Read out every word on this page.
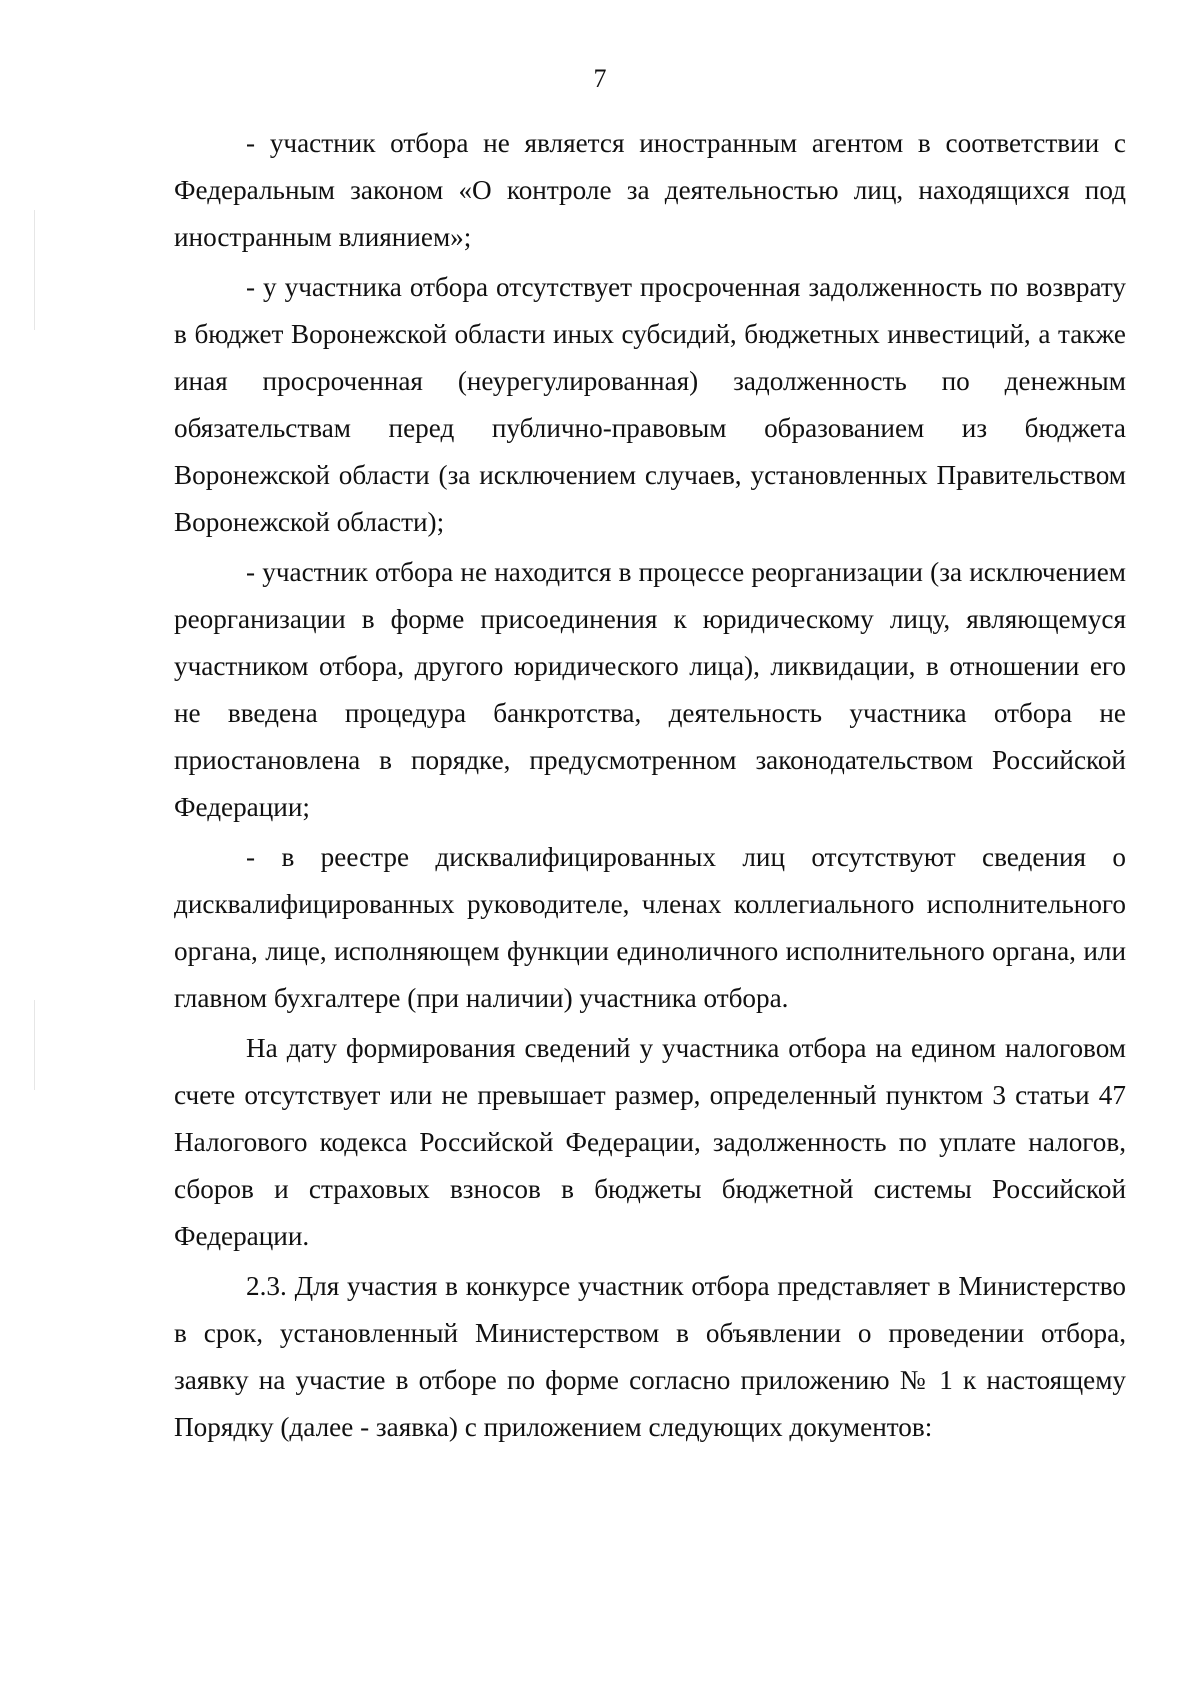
7

- участник отбора не является иностранным агентом в соответствии с Федеральным законом «О контроле за деятельностью лиц, находящихся под иностранным влиянием»;

- у участника отбора отсутствует просроченная задолженность по возврату в бюджет Воронежской области иных субсидий, бюджетных инвестиций, а также иная просроченная (неурегулированная) задолженность по денежным обязательствам перед публично-правовым образованием из бюджета Воронежской области (за исключением случаев, установленных Правительством Воронежской области);

- участник отбора не находится в процессе реорганизации (за исключением реорганизации в форме присоединения к юридическому лицу, являющемуся участником отбора, другого юридического лица), ликвидации, в отношении его не введена процедура банкротства, деятельность участника отбора не приостановлена в порядке, предусмотренном законодательством Российской Федерации;

- в реестре дисквалифицированных лиц отсутствуют сведения о дисквалифицированных руководителе, членах коллегиального исполнительного органа, лице, исполняющем функции единоличного исполнительного органа, или главном бухгалтере (при наличии) участника отбора.

На дату формирования сведений у участника отбора на едином налоговом счете отсутствует или не превышает размер, определенный пунктом 3 статьи 47 Налогового кодекса Российской Федерации, задолженность по уплате налогов, сборов и страховых взносов в бюджеты бюджетной системы Российской Федерации.

2.3. Для участия в конкурсе участник отбора представляет в Министерство в срок, установленный Министерством в объявлении о проведении отбора, заявку на участие в отборе по форме согласно приложению № 1 к настоящему Порядку (далее - заявка) с приложением следующих документов:
